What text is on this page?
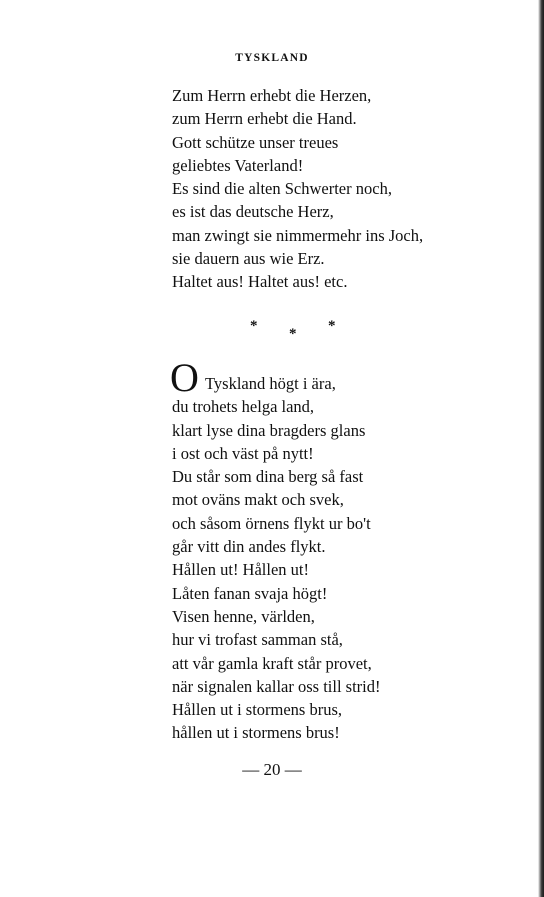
TYSKLAND
Zum Herrn erhebt die Herzen,
zum Herrn erhebt die Hand.
Gott schütze unser treues
geliebtes Vaterland!
Es sind die alten Schwerter noch,
es ist das deutsche Herz,
man zwingt sie nimmermehr ins Joch,
sie dauern aus wie Erz.
Haltet aus! Haltet aus! etc.
* * *
O Tyskland högt i ära,
du trohets helga land,
klart lyse dina bragders glans
i ost och väst på nytt!
Du står som dina berg så fast
mot oväns makt och svek,
och såsom örnens flykt ur bo't
går vitt din andes flykt.
Hållen ut! Hållen ut!
Låten fanan svaja högt!
Visen henne, världen,
hur vi trofast samman stå,
att vår gamla kraft står provet,
när signalen kallar oss till strid!
Hållen ut i stormens brus,
hållen ut i stormens brus!
— 20 —
